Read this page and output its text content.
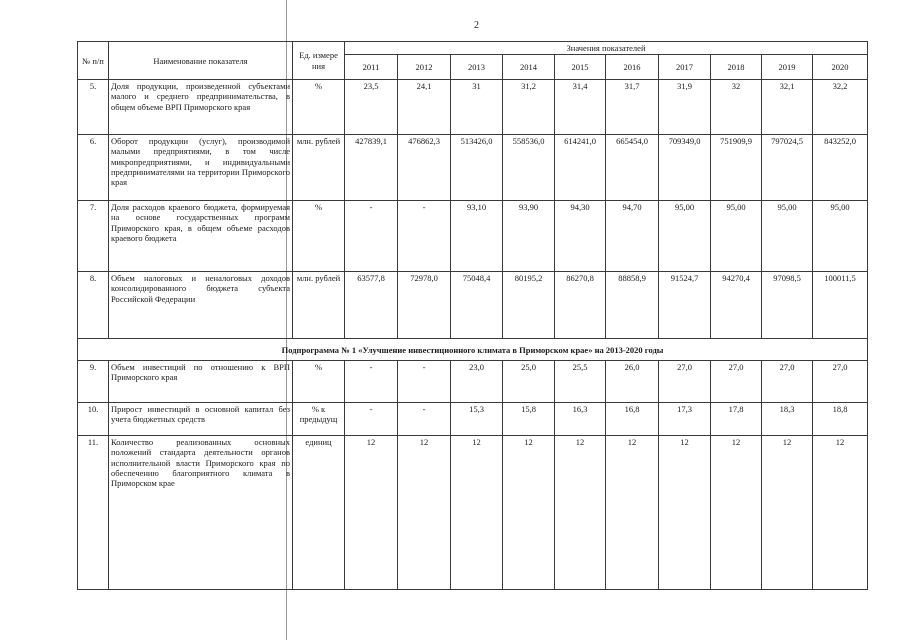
2
№ п/п	Наименование показателя	Ед. измере ния	Значения показателей									
			2011	2012	2013	2014	2015	2016	2017	2018	2019	2020
5.	Доля продукции, произведенной субъектами малого и среднего предпринимательства, в общем объеме ВРП Приморского края	%	23,5	24,1	31	31,2	31,4	31,7	31,9	32	32,1	32,2
6.	Оборот продукции (услуг), производимой малыми предприятиями, в том числе микропредприятиями, и индивидуальными предпринимателями на территории Приморского края	млн. рублей	427839,1	476862,3	513426,0	558536,0	614241,0	665454,0	709349,0	751909,9	797024,5	843252,0
7.	Доля расходов краевого бюджета, формируемая на основе государственных программ Приморского края, в общем объеме расходов краевого бюджета	%	-	-	93,10	93,90	94,30	94,70	95,00	95,00	95,00	95,00
8.	Объем налоговых и неналоговых доходов консолидированного бюджета субъекта Российской Федерации	млн. рублей	63577,8	72978,0	75048,4	80195,2	86270,8	88858,9	91524,7	94270,4	97098,5	100011,5
Подпрограмма № 1 «Улучшение инвестиционного климата в Приморском крае» на 2013-2020 годы												
9.	Объем инвестиций по отношению к ВРП Приморского края	%	-	-	23,0	25,0	25,5	26,0	27,0	27,0	27,0	27,0
10.	Прирост инвестиций в основной капитал без учета бюджетных средств	% к предыдущ	-	-	15,3	15,8	16,3	16,8	17,3	17,8	18,3	18,8
11.	Количество реализованных основных положений стандарта деятельности органов исполнительной власти Приморского края по обеспечению благоприятного климата в Приморском крае	единиц	12	12	12	12	12	12	12	12	12	12
